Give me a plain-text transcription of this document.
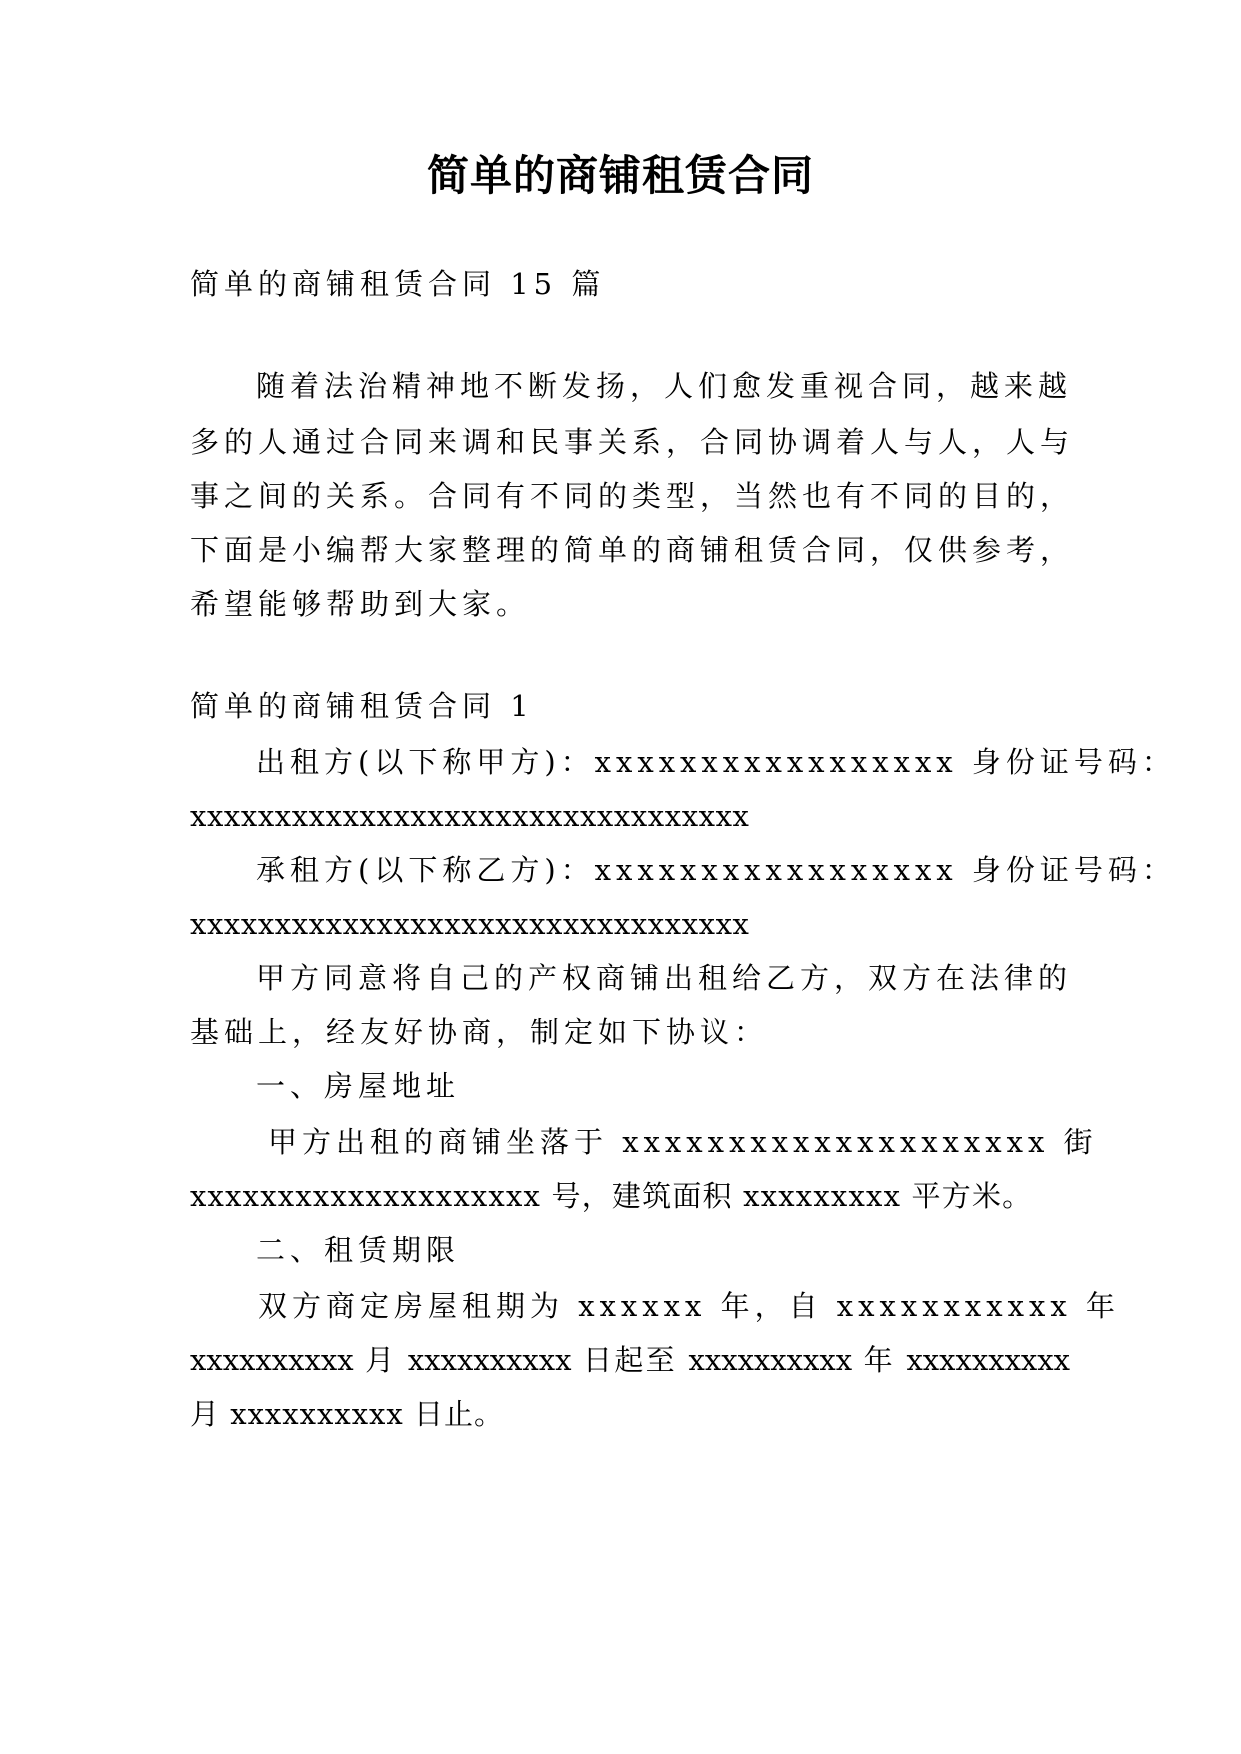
简单的商铺租赁合同
简单的商铺租赁合同 15 篇
随着法治精神地不断发扬，人们愈发重视合同，越来越
多的人通过合同来调和民事关系，合同协调着人与人，人与
事之间的关系。合同有不同的类型，当然也有不同的目的，
下面是小编帮大家整理的简单的商铺租赁合同，仅供参考，
希望能够帮助到大家。
简单的商铺租赁合同 1
出租方(以下称甲方)：xxxxxxxxxxxxxxxxx 身份证号码：
xxxxxxxxxxxxxxxxxxxxxxxxxxxxxxxxx
承租方(以下称乙方)：xxxxxxxxxxxxxxxxx 身份证号码：
xxxxxxxxxxxxxxxxxxxxxxxxxxxxxxxxx
甲方同意将自己的产权商铺出租给乙方，双方在法律的
基础上，经友好协商，制定如下协议：
一、房屋地址
甲方出租的商铺坐落于 xxxxxxxxxxxxxxxxxxxx 街
xxxxxxxxxxxxxxxxxxxx 号，建筑面积 xxxxxxxxx 平方米。
二、租赁期限
双方商定房屋租期为 xxxxxx 年，自 xxxxxxxxxxx 年
xxxxxxxxxx 月 xxxxxxxxxx 日起至 xxxxxxxxxx 年 xxxxxxxxxx
月 xxxxxxxxxx 日止。
